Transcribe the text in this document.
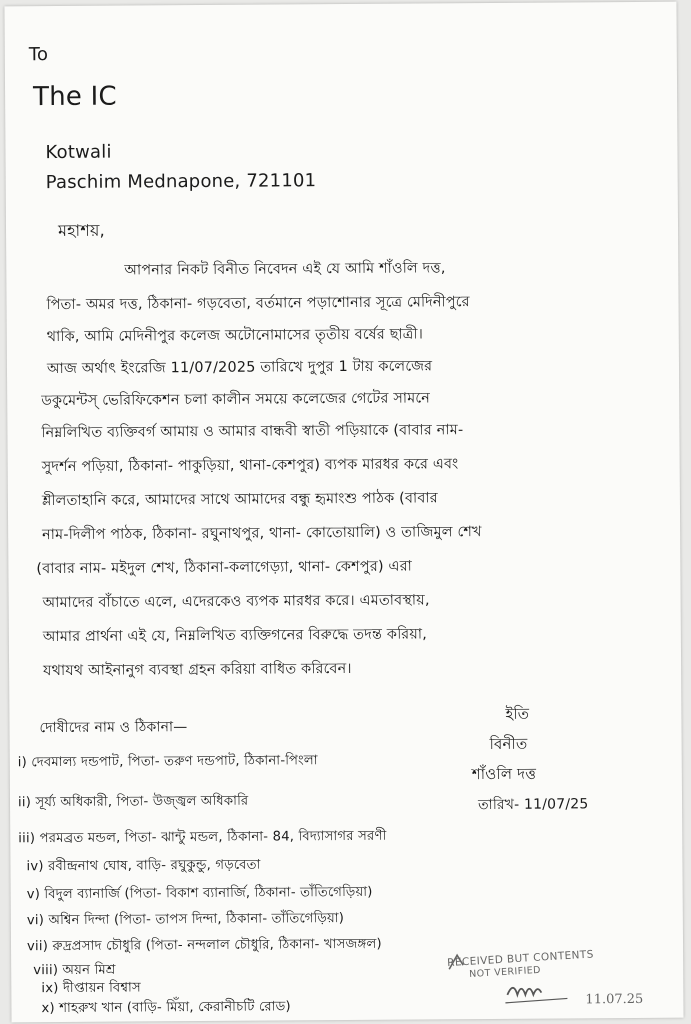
To
The IC
Kotwali
Paschim Mednapone, 721101
মহাশয়,
আপনার নিকট বিনীত নিবেদন এই যে আমি শাঁওলি দত্ত,
পিতা- অমর দত্ত, ঠিকানা- গড়বেতা, বর্তমানে পড়াশোনার সূত্রে মেদিনীপুরে
থাকি, আমি মেদিনীপুর কলেজ অটোনোমাসের তৃতীয় বর্ষের ছাত্রী।
আজ অর্থাৎ ইংরেজি 11/07/2025 তারিখে দুপুর 1 টায় কলেজের
ডকুমেন্টস্ ভেরিফিকেশন চলা কালীন সময়ে কলেজের গেটের সামনে
নিম্নলিখিত ব্যক্তিবর্গ আমায় ও আমার বান্ধবী স্বাতী পড়িয়াকে (বাবার নাম-
সুদর্শন পড়িয়া, ঠিকানা- পাকুড়িয়া, থানা-কেশপুর) ব্যপক মারধর করে এবং
শ্লীলতাহানি করে, আমাদের সাথে আমাদের বন্ধু হৃমাংশু পাঠক (বাবার
নাম-দিলীপ পাঠক, ঠিকানা- রঘুনাথপুর, থানা- কোতোয়ালি) ও তাজিমুল শেখ
(বাবার নাম- মইদুল শেখ, ঠিকানা-কলাগেড়্যা, থানা- কেশপুর) এরা
আমাদের বাঁচাতে এলে, এদেরকেও ব্যপক মারধর করে। এমতাবস্থায়,
আমার প্রার্থনা এই যে, নিম্নলিখিত ব্যক্তিগনের বিরুদ্ধে তদন্ত করিয়া,
যথাযথ আইনানুগ ব্যবস্থা গ্রহন করিয়া বাধিত করিবেন।
দোষীদের নাম ও ঠিকানা—
ইতি
বিনীত
শাঁওলি দত্ত
তারিখ- 11/07/25
i) দেবমাল্য দন্ডপাট, পিতা- তরুণ দন্ডপাট, ঠিকানা-পিংলা
ii) সূর্য্য অধিকারী, পিতা- উজ্জ্বল অধিকারি
iii) পরমব্রত মন্ডল, পিতা- ঝান্টু মন্ডল, ঠিকানা- 84, বিদ্যাসাগর সরণী
iv) রবীন্দ্রনাথ ঘোষ, বাড়ি- রঘুকুন্ডু, গড়বেতা
v) বিদুল ব্যানার্জি (পিতা- বিকাশ ব্যানার্জি, ঠিকানা- তাঁতিগেড়িয়া)
vi) অশ্বিন দিন্দা (পিতা- তাপস দিন্দা, ঠিকানা- তাঁতিগেড়িয়া)
vii) রুদ্রপ্রসাদ চৌধুরি (পিতা- নন্দলাল চৌধুরি, ঠিকানা- খাসজঙ্গল)
viii) অয়ন মিশ্র
ix) দীপ্তায়ন বিশ্বাস
x) শাহরুখ খান (বাড়ি- মিঁয়া, কেরানীচটি রোড)
RECEIVED BUT CONTENTS
NOT VERIFIED
11.07.25
